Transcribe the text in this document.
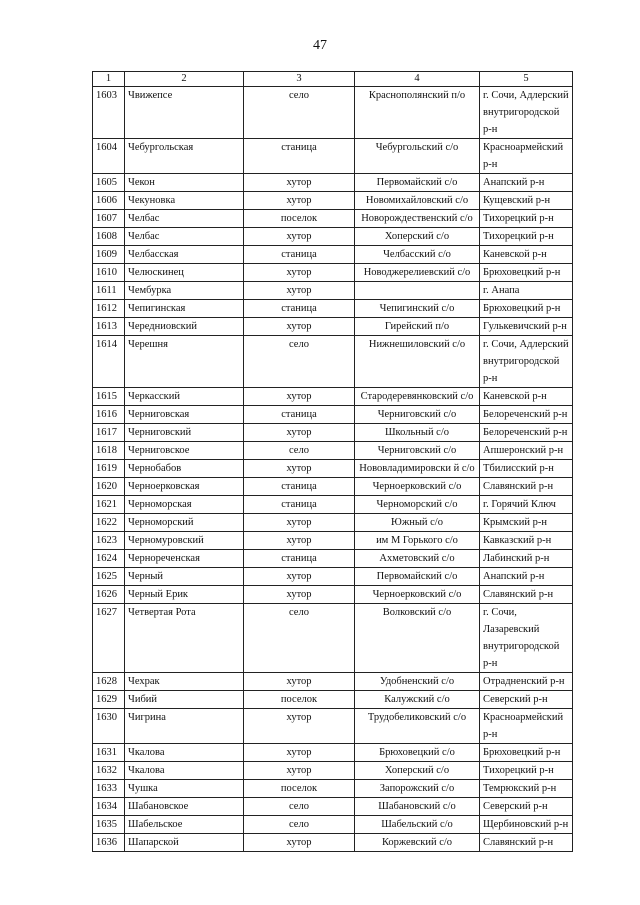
47
1	2	3	4	5
1603	Чвижепсе	село	Краснополянский п/о	г. Сочи, Адлерский внутригородской р-н
1604	Чебургольская	станица	Чебургольский с/о	Красноармейский р-н
1605	Чекон	хутор	Первомайский с/о	Анапский р-н
1606	Чекуновка	хутор	Новомихайловский с/о	Кущевский р-н
1607	Челбас	поселок	Новорождественский с/о	Тихорецкий р-н
1608	Челбас	хутор	Хоперский с/о	Тихорецкий р-н
1609	Челбасская	станица	Челбасский с/о	Каневской р-н
1610	Челюскинец	хутор	Новоджерелиевский с/о	Брюховецкий р-н
1611	Чембурка	хутор		г. Анапа
1612	Чепигинская	станица	Чепигинский с/о	Брюховецкий р-н
1613	Чередниовский	хутор	Гирейский п/о	Гулькевичский р-н
1614	Черешня	село	Нижнешиловский с/о	г. Сочи, Адлерский внутригородской р-н
1615	Черкасский	хутор	Стародеревянковский с/о	Каневской р-н
1616	Черниговская	станица	Черниговский с/о	Белореченский р-н
1617	Черниговский	хутор	Школьный с/о	Белореченский р-н
1618	Черниговское	село	Черниговский с/о	Апшеронский р-н
1619	Чернобабов	хутор	Нововладимировски й с/о	Тбилисский р-н
1620	Черноерковская	станица	Черноерковский с/о	Славянский р-н
1621	Черноморская	станица	Черноморский с/о	г. Горячий Ключ
1622	Черноморский	хутор	Южный с/о	Крымский р-н
1623	Черномуровский	хутор	им М Горького с/о	Кавказский р-н
1624	Чернореченская	станица	Ахметовский с/о	Лабинский р-н
1625	Черный	хутор	Первомайский с/о	Анапский р-н
1626	Черный Ерик	хутор	Черноерковский с/о	Славянский р-н
1627	Четвертая Рота	село	Волковский с/о	г. Сочи, Лазаревский внутригородской р-н
1628	Чехрак	хутор	Удобненский с/о	Отрадненский р-н
1629	Чибий	поселок	Калужский с/о	Северский р-н
1630	Чигрина	хутор	Трудобеликовский с/о	Красноармейский р-н
1631	Чкалова	хутор	Брюховецкий с/о	Брюховецкий р-н
1632	Чкалова	хутор	Хоперский с/о	Тихорецкий р-н
1633	Чушка	поселок	Запорожский с/о	Темрюкский р-н
1634	Шабановское	село	Шабановский с/о	Северский р-н
1635	Шабельское	село	Шабельский с/о	Щербиновский р-н
1636	Шапарской	хутор	Коржевский с/о	Славянский р-н
